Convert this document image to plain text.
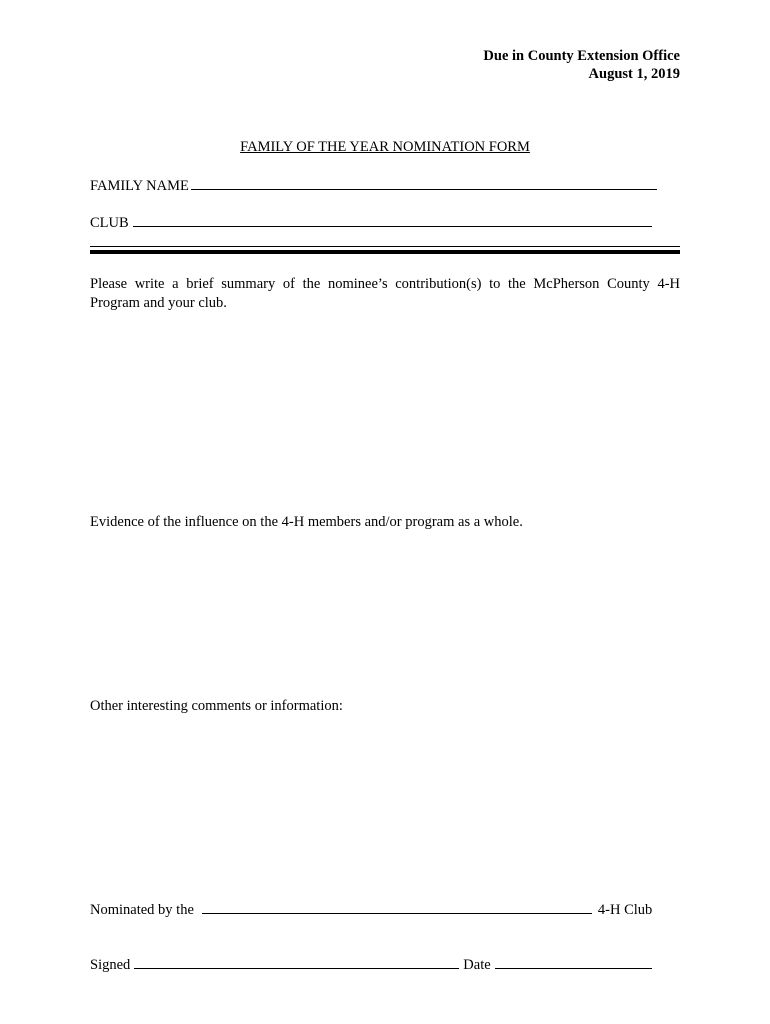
Due in County Extension Office
August 1, 2019
FAMILY OF THE YEAR NOMINATION FORM
FAMILY NAME
CLUB
Please write a brief summary of the nominee’s contribution(s) to the McPherson County 4-H Program and your club.
Evidence of the influence on the 4-H members and/or program as a whole.
Other interesting comments or information:
Nominated by the	4-H Club
Signed	Date
